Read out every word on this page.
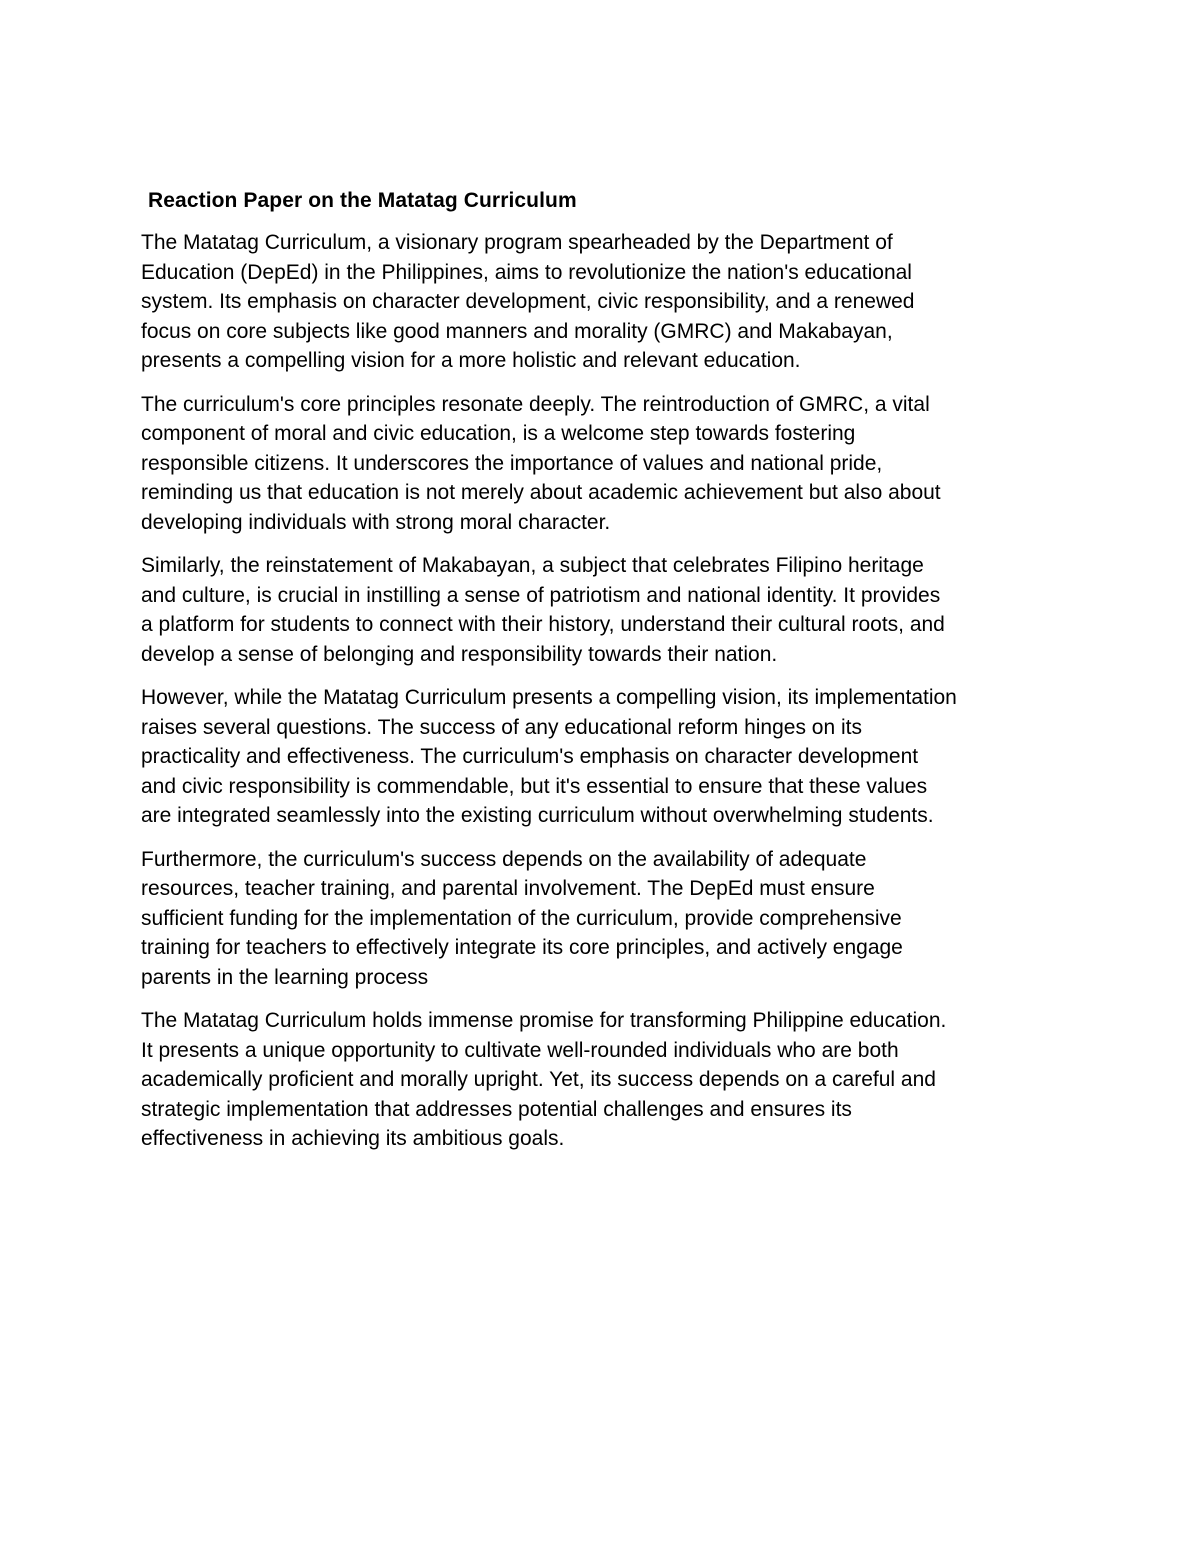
Reaction Paper on the Matatag Curriculum

The Matatag Curriculum, a visionary program spearheaded by the Department of
Education (DepEd) in the Philippines, aims to revolutionize the nation's educational
system. Its emphasis on character development, civic responsibility, and a renewed
focus on core subjects like good manners and morality (GMRC) and Makabayan,
presents a compelling vision for a more holistic and relevant education.

The curriculum's core principles resonate deeply. The reintroduction of GMRC, a vital
component of moral and civic education, is a welcome step towards fostering
responsible citizens. It underscores the importance of values and national pride,
reminding us that education is not merely about academic achievement but also about
developing individuals with strong moral character.

Similarly, the reinstatement of Makabayan, a subject that celebrates Filipino heritage
and culture, is crucial in instilling a sense of patriotism and national identity. It provides
a platform for students to connect with their history, understand their cultural roots, and
develop a sense of belonging and responsibility towards their nation.

However, while the Matatag Curriculum presents a compelling vision, its implementation
raises several questions. The success of any educational reform hinges on its
practicality and effectiveness. The curriculum's emphasis on character development
and civic responsibility is commendable, but it's essential to ensure that these values
are integrated seamlessly into the existing curriculum without overwhelming students.

Furthermore, the curriculum's success depends on the availability of adequate
resources, teacher training, and parental involvement. The DepEd must ensure
sufficient funding for the implementation of the curriculum, provide comprehensive
training for teachers to effectively integrate its core principles, and actively engage
parents in the learning process

The Matatag Curriculum holds immense promise for transforming Philippine education.
It presents a unique opportunity to cultivate well-rounded individuals who are both
academically proficient and morally upright. Yet, its success depends on a careful and
strategic implementation that addresses potential challenges and ensures its
effectiveness in achieving its ambitious goals.
